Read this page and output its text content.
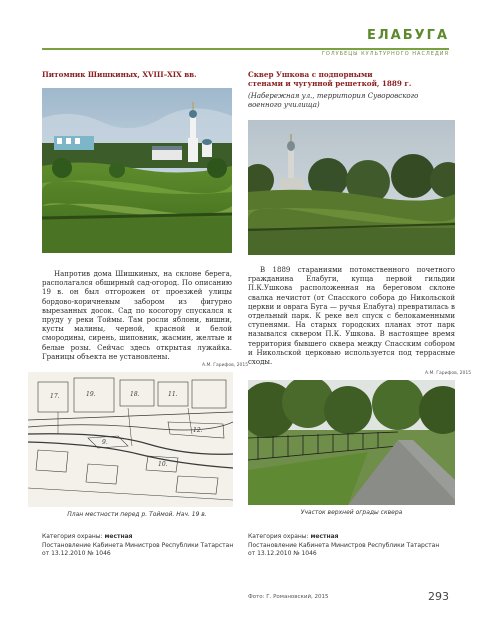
ЕЛАБУГА
ГОЛУБЕЦЫ КУЛЬТУРНОГО НАСЛЕДИЯ
Питомник Шишкиных, XVIII–XIX вв.
Напротив дома Шишкиных, на склоне берега, располагался обширный сад-огород. По описанию 19 в. он был отгорожен от проезжей улицы бордово-коричневым забором из фигурно вырезанных досок. Сад по косогору спускался к пруду у реки Тоймы. Там росли яблони, вишни, кусты малины, черной, красной и белой смородины, сирень, шиповник, жасмин, желтые и белые розы. Сейчас здесь открытая лужайка. Границы объекта не установлены.
А.М. Гарифов, 2015
17.	19.	18.	11.
9.
10.
12.
План местности перед р. Тоймой. Нач. 19 в.
Категория охраны: местная
Постановление Кабинета Министров Республики Татарстан
от 13.12.2010 № 1046
Сквер Ушкова с подпорными
стенами и чугунной решеткой, 1889 г.
(Набережная ул., территория Суворовского
военного училища)
В 1889 стараниями потомственного почетного гражданина Елабуги, купца первой гильдии П.К.Ушкова расположенная на береговом склоне свалка нечистот (от Спасского собора до Никольской церкви и оврага Буга — ручья Елабуга) превратилась в отдельный парк. К реке вел спуск с белокаменными ступенями. На старых городских планах этот парк назывался сквером П.К. Ушкова. В настоящее время территория бывшего сквера между Спасским собором и Никольской церковью используется под террасные сходы.
А.М. Гарифов, 2015
Участок верхней ограды сквера
Категория охраны: местная
Постановление Кабинета Министров Республики Татарстан
от 13.12.2010 № 1046
Фото: Г. Романовский, 2015	293
